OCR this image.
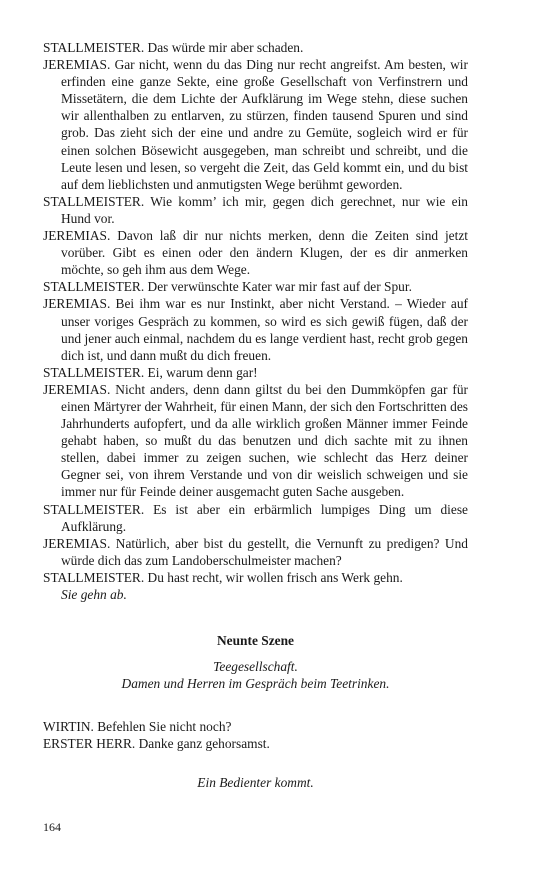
STALLMEISTER. Das würde mir aber schaden.

JEREMIAS. Gar nicht, wenn du das Ding nur recht angreifst. Am besten, wir erfinden eine ganze Sekte, eine große Gesellschaft von Verfinstrern und Missetätern, die dem Lichte der Aufklärung im Wege stehn, diese suchen wir allenthalben zu entlarven, zu stürzen, finden tausend Spuren und sind grob. Das zieht sich der eine und andre zu Gemüte, sogleich wird er für einen solchen Bösewicht ausgegeben, man schreibt und schreibt, und die Leute lesen und lesen, so vergeht die Zeit, das Geld kommt ein, und du bist auf dem lieblichsten und anmutigsten Wege berühmt geworden.

STALLMEISTER. Wie komm’ ich mir, gegen dich gerechnet, nur wie ein Hund vor.

JEREMIAS. Davon laß dir nur nichts merken, denn die Zeiten sind jetzt vorüber. Gibt es einen oder den ändern Klugen, der es dir anmerken möchte, so geh ihm aus dem Wege.

STALLMEISTER. Der verwünschte Kater war mir fast auf der Spur.

JEREMIAS. Bei ihm war es nur Instinkt, aber nicht Verstand. – Wieder auf unser voriges Gespräch zu kommen, so wird es sich gewiß fügen, daß der und jener auch einmal, nachdem du es lange verdient hast, recht grob gegen dich ist, und dann mußt du dich freuen.

STALLMEISTER. Ei, warum denn gar!

JEREMIAS. Nicht anders, denn dann giltst du bei den Dummköpfen gar für einen Märtyrer der Wahrheit, für einen Mann, der sich den Fortschritten des Jahrhunderts aufopfert, und da alle wirklich großen Männer immer Feinde gehabt haben, so mußt du das benutzen und dich sachte mit zu ihnen stellen, dabei immer zu zeigen suchen, wie schlecht das Herz deiner Gegner sei, von ihrem Verstande und von dir weislich schweigen und sie immer nur für Feinde deiner ausgemacht guten Sache ausgeben.

STALLMEISTER. Es ist aber ein erbärmlich lumpiges Ding um diese Aufklärung.

JEREMIAS. Natürlich, aber bist du gestellt, die Vernunft zu predigen? Und würde dich das zum Landoberschulmeister machen?

STALLMEISTER. Du hast recht, wir wollen frisch ans Werk gehn.

Sie gehn ab.

Neunte Szene

Teegesellschaft.

Damen und Herren im Gespräch beim Teetrinken.

WIRTIN. Befehlen Sie nicht noch?

ERSTER HERR. Danke ganz gehorsamst.

Ein Bedienter kommt.

164
